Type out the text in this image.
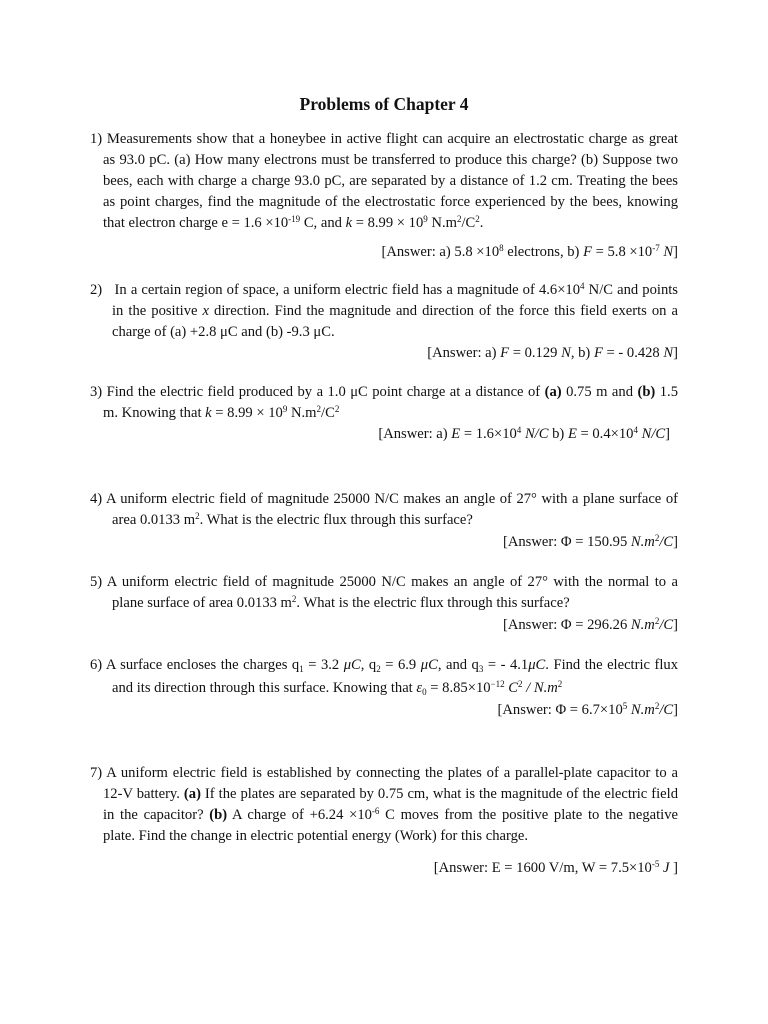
Problems of Chapter 4

1) Measurements show that a honeybee in active flight can acquire an electrostatic charge as great as 93.0 pC. (a) How many electrons must be transferred to produce this charge? (b) Suppose two bees, each with charge a charge 93.0 pC, are separated by a distance of 1.2 cm. Treating the bees as point charges, find the magnitude of the electrostatic force experienced by the bees, knowing that electron charge $e = 1.6 \times 10^{-19}$ C, and $k = 8.99 \times 10^9$ $N.m^2/C^2$.

[Answer: a) $5.8 \times 10^8$ electrons, b) $F = 5.8 \times 10^{-7}$ N]

2) In a certain region of space, a uniform electric field has a magnitude of $4.6\times 10^4$ N/C and points in the positive x direction. Find the magnitude and direction of the force this field exerts on a charge of (a) +2.8 μC and (b) -9.3 μC.

[Answer: a) F = 0.129 N, b) F = - 0.428 N]

3) Find the electric field produced by a 1.0 μC point charge at a distance of (a) 0.75 m and (b) 1.5 m. Knowing that $k = 8.99 \times 10^9$ $N.m^2/C^2$

[Answer: a) $E = 1.6\times 10^4$ N/C b) $E = 0.4\times 10^4$ N/C]

4) A uniform electric field of magnitude 25000 N/C makes an angle of 27° with a plane surface of area 0.0133 $m^2$. What is the electric flux through this surface?

[Answer: Φ = 150.95 $N.m^2/C$]

5) A uniform electric field of magnitude 25000 N/C makes an angle of 27° with the normal to a plane surface of area 0.0133 $m^2$. What is the electric flux through this surface?

[Answer: Φ = 296.26 $N.m^2/C$]

6) A surface encloses the charges $q_1 = 3.2$ μC, $q_2 = 6.9$ μC, and $q_3$ = - 4.1μC. Find the electric flux and its direction through this surface. Knowing that $\varepsilon_0 = 8.85\times 10^{-12}$ $C^2 / N.m^2$

[Answer: $\Phi = 6.7\times 10^5$ $N.m^2/C$]

7) A uniform electric field is established by connecting the plates of a parallel-plate capacitor to a 12-V battery. (a) If the plates are separated by 0.75 cm, what is the magnitude of the electric field in the capacitor? (b) A charge of $+6.24 \times 10^{-6}$ C moves from the positive plate to the negative plate. Find the change in electric potential energy (Work) for this charge.

[Answer: E = 1600 V/m, $W = 7.5\times 10^{-5}$ J ]
